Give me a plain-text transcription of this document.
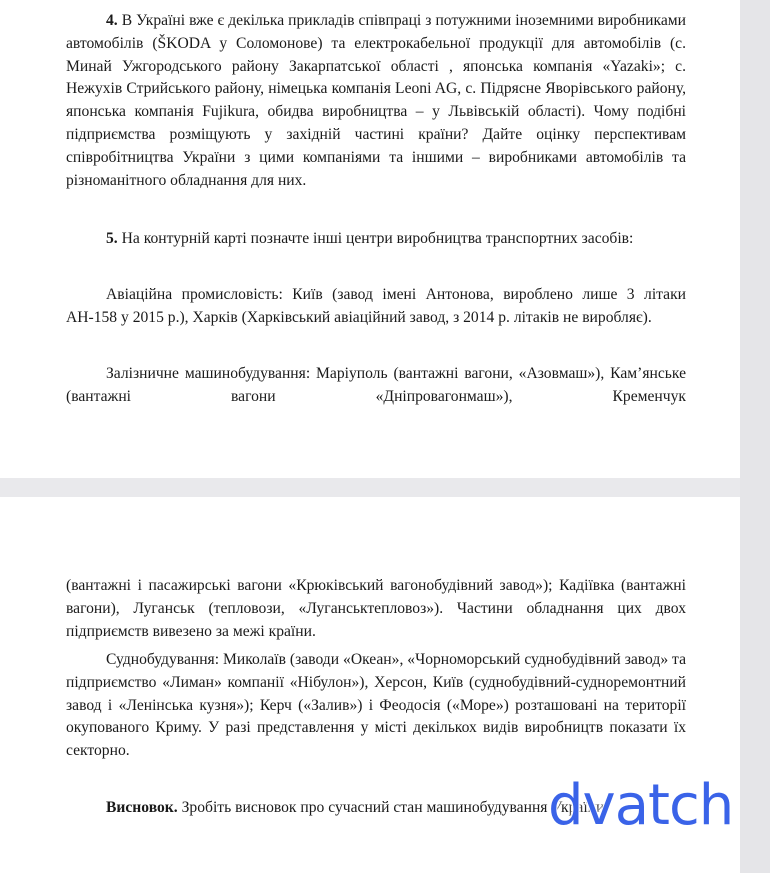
4. В Україні вже є декілька прикладів співпраці з потужними іноземними виробниками автомобілів (ŠKODA у Соломонове) та електрокабельної продукції для автомобілів (с. Минай Ужгородського району Закарпатської області , японська компанія «Yazaki»; с. Нежухів Стрийського району, німецька компанія Leoni AG, с. Підрясне Яворівського району, японська компанія Fujikura, обидва виробництва – у Львівській області). Чому подібні підприємства розміщують у західній частині країни? Дайте оцінку перспективам співробітництва України з цими компаніями та іншими – виробниками автомобілів та різноманітного обладнання для них.

5. На контурній карті позначте інші центри виробництва транспортних засобів:

Авіаційна промисловість: Київ (завод імені Антонова, вироблено лише 3 літаки АН-158 у 2015 р.), Харків (Харківський авіаційний завод, з 2014 р. літаків не виробляє).

Залізничне машинобудування: Маріуполь (вантажні вагони, «Азовмаш»), Кам’янське (вантажні вагони «Дніпровагонмаш»), Кременчук

(вантажні і пасажирські вагони «Крюківський вагонобудівний завод»); Кадіївка (вантажні вагони), Луганськ (тепловози, «Луганськтепловоз»). Частини обладнання цих двох підприємств вивезено за межі країни.

Суднобудування: Миколаїв (заводи «Океан», «Чорноморський суднобудівний завод» та підприємство «Лиман» компанії «Нібулон»), Херсон, Київ (суднобудівний-судноремонтний завод і «Ленінська кузня»); Керч («Залив») і Феодосія («Море») розташовані на території окупованого Криму. У разі представлення у місті декількох видів виробництв показати їх секторно.

Висновок. Зробіть висновок про сучасний стан машинобудування України.

dvatch
